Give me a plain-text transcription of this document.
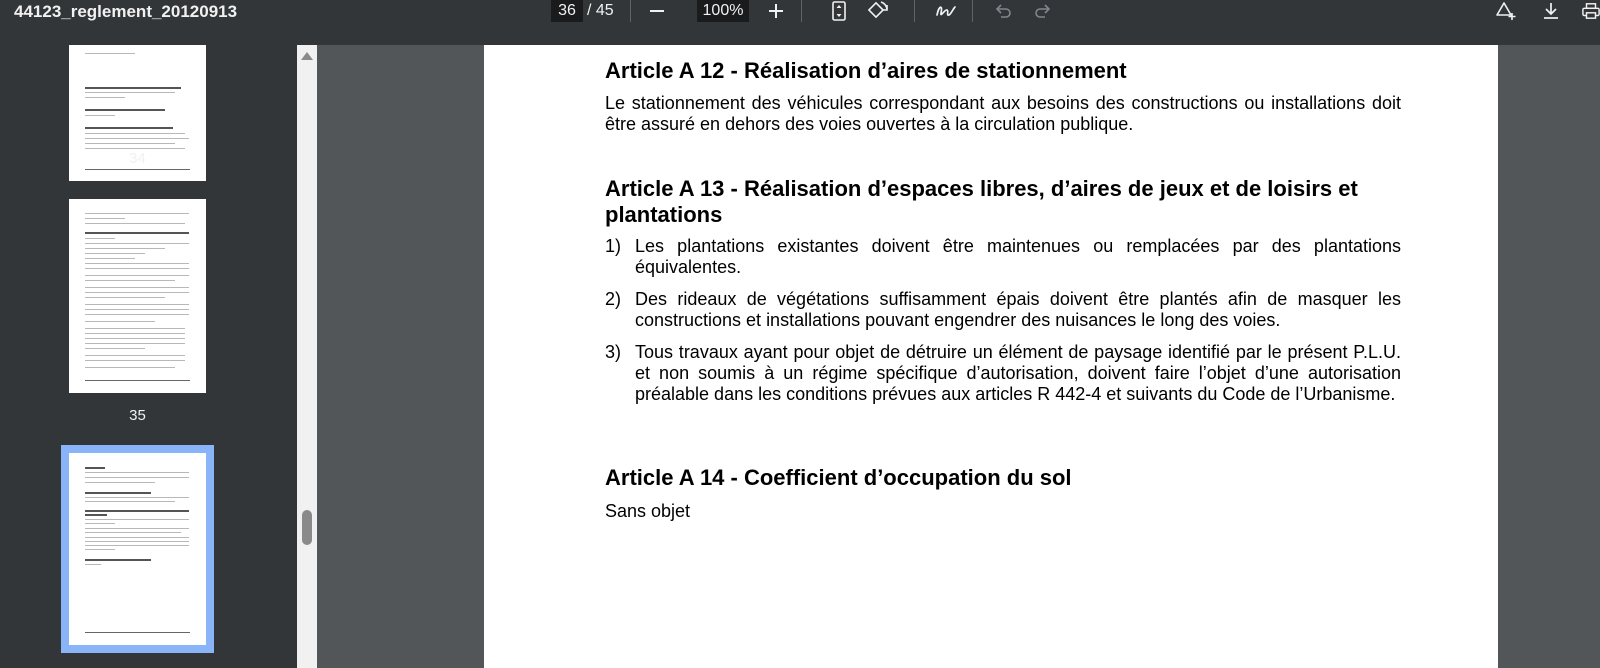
44123_reglement_20120913
36	/ 45
100%
34
35
Article A 12 - Réalisation d’aires de stationnement

Le stationnement des véhicules correspondant aux besoins des constructions ou installations doit être assuré en dehors des voies ouvertes à la circulation publique.

Article A 13 - Réalisation d’espaces libres, d’aires de jeux et de loisirs et plantations
1) Les plantations existantes doivent être maintenues ou remplacées par des plantations équivalentes.
2) Des rideaux de végétations suffisamment épais doivent être plantés afin de masquer les constructions et installations pouvant engendrer des nuisances le long des voies.
3) Tous travaux ayant pour objet de détruire un élément de paysage identifié par le présent P.L.U. et non soumis à un régime spécifique d’autorisation, doivent faire l’objet d’une autorisation préalable dans les conditions prévues aux articles R 442-4 et suivants du Code de l’Urbanisme.
Article A 14 - Coefficient d’occupation du sol

Sans objet
